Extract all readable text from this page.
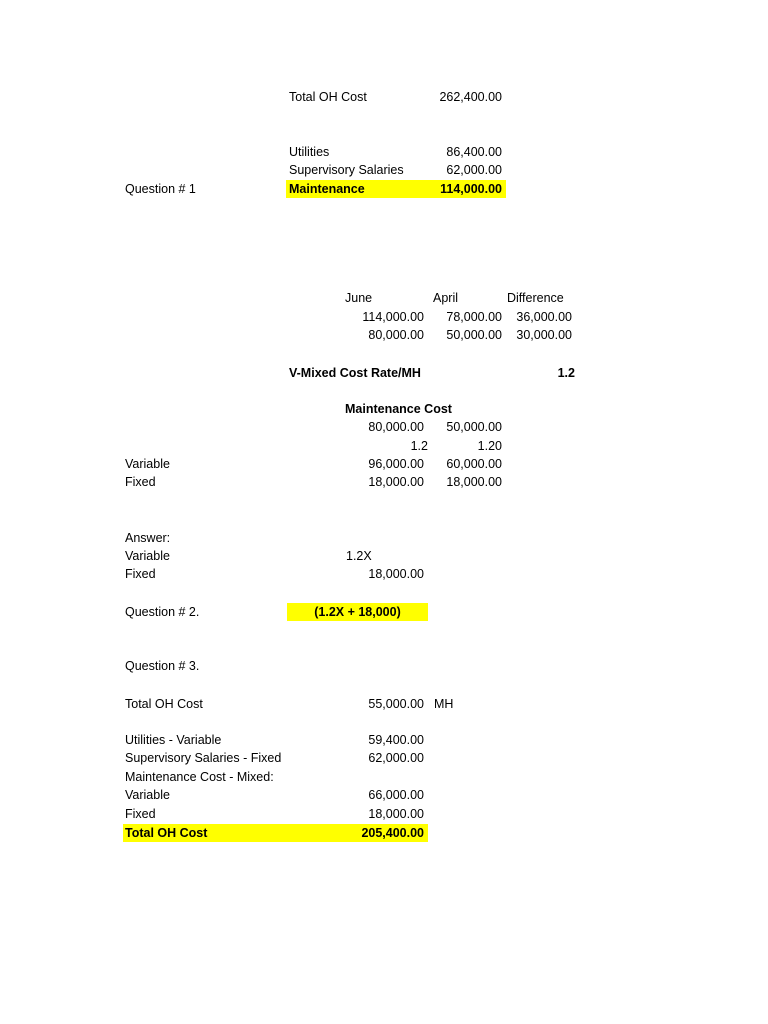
Total OH Cost	262,400.00
Utilities	86,400.00
Supervisory Salaries	62,000.00
Question # 1	Maintenance	114,000.00
June	April	Difference
114,000.00	78,000.00	36,000.00
80,000.00	50,000.00	30,000.00
V-Mixed Cost Rate/MH	1.2
Maintenance Cost
80,000.00	50,000.00
1.2	1.20
Variable	96,000.00	60,000.00
Fixed	18,000.00	18,000.00
Answer:
Variable	1.2X
Fixed	18,000.00
Question # 2.	(1.2X + 18,000)
Question # 3.
Total OH Cost	55,000.00 MH
Utilities - Variable	59,400.00
Supervisory Salaries - Fixed	62,000.00
Maintenance Cost - Mixed:
Variable	66,000.00
Fixed	18,000.00
Total OH Cost	205,400.00
